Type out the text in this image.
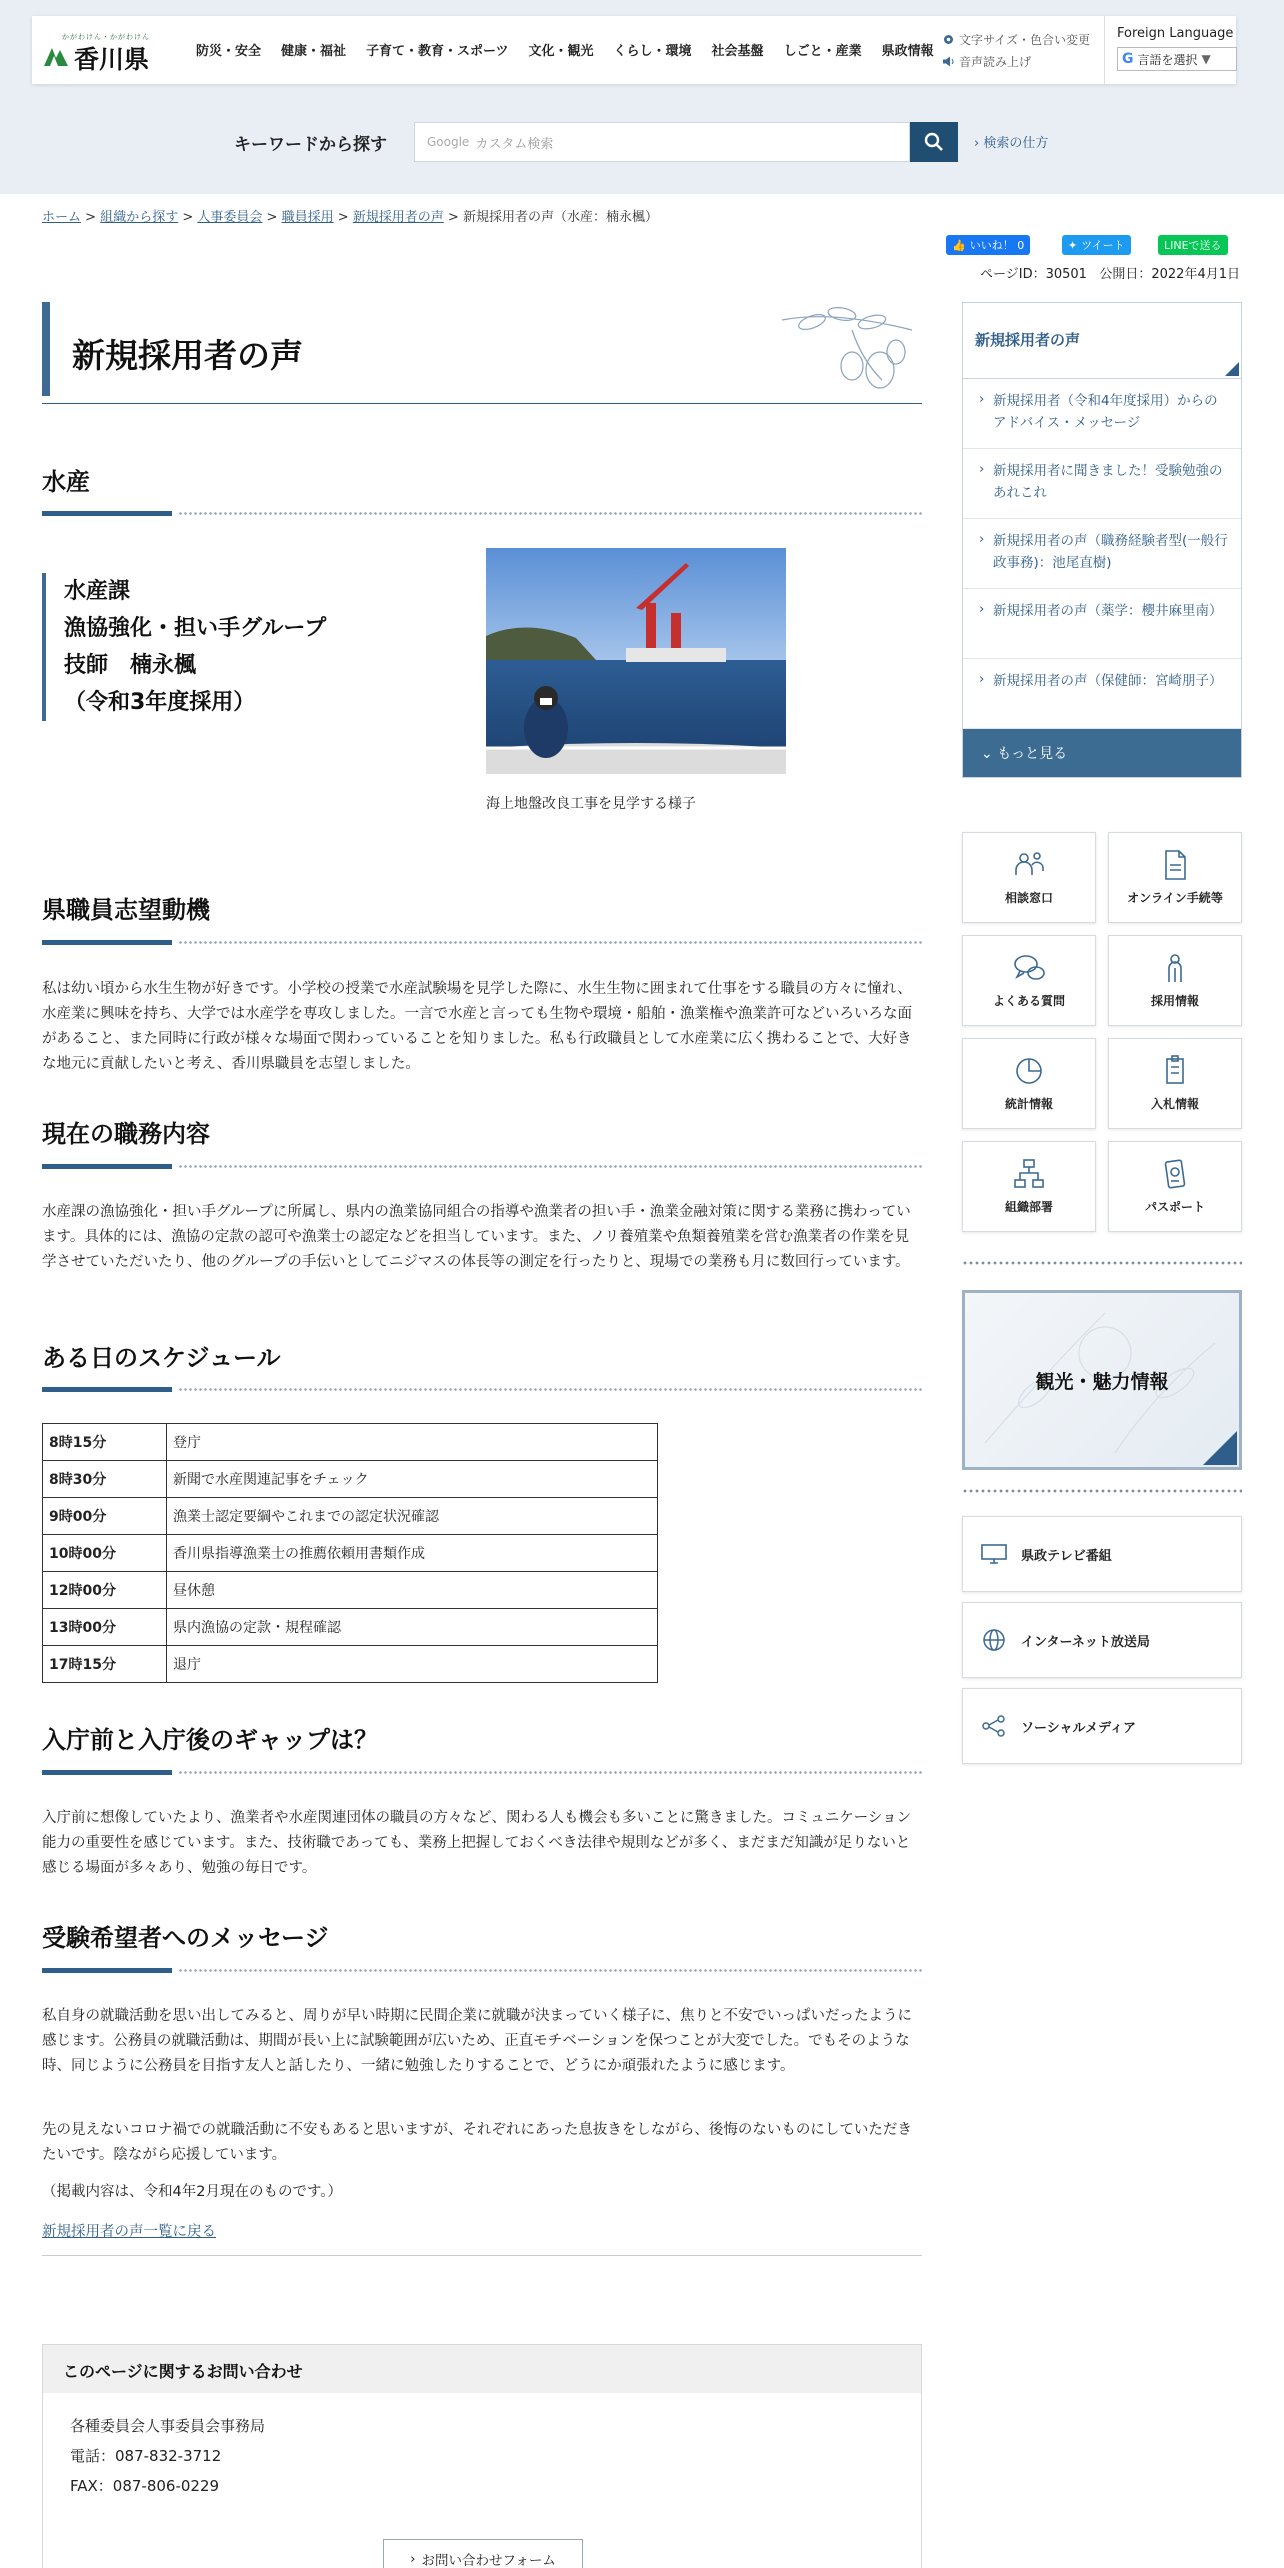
かがわけん・かがわけん
香川県	防災・安全	健康・福祉	子育て・教育・スポーツ	文化・観光	くらし・環境	社会基盤	しごと・産業	県政情報
文字サイズ・色合い変更
音声読み上げ
Foreign Language
G 言語を選択 ▼
キーワードから探す	Google カスタム検索	› 検索の仕方
ホーム > 組織から探す > 人事委員会 > 職員採用 > 新規採用者の声 > 新規採用者の声（水産：楠永楓）
👍 いいね！ 0	✦ ツイート	LINEで送る
ページID：30501 公開日：2022年4月1日
新規採用者の声
水産
水産課
漁協強化・担い手グループ
技師　楠永楓
（令和3年度採用）
海上地盤改良工事を見学する様子
県職員志望動機
私は幼い頃から水生生物が好きです。小学校の授業で水産試験場を見学した際に、水生生物に囲まれて仕事をする職員の方々に憧れ、水産業に興味を持ち、大学では水産学を専攻しました。一言で水産と言っても生物や環境・船舶・漁業権や漁業許可などいろいろな面があること、また同時に行政が様々な場面で関わっていることを知りました。私も行政職員として水産業に広く携わることで、大好きな地元に貢献したいと考え、香川県職員を志望しました。
現在の職務内容
水産課の漁協強化・担い手グループに所属し、県内の漁業協同組合の指導や漁業者の担い手・漁業金融対策に関する業務に携わっています。具体的には、漁協の定款の認可や漁業士の認定などを担当しています。また、ノリ養殖業や魚類養殖業を営む漁業者の作業を見学させていただいたり、他のグループの手伝いとしてニジマスの体長等の測定を行ったりと、現場での業務も月に数回行っています。
ある日のスケジュール
8時15分	登庁
8時30分	新聞で水産関連記事をチェック
9時00分	漁業士認定要綱やこれまでの認定状況確認
10時00分	香川県指導漁業士の推薦依頼用書類作成
12時00分	昼休憩
13時00分	県内漁協の定款・規程確認
17時15分	退庁
入庁前と入庁後のギャップは？
入庁前に想像していたより、漁業者や水産関連団体の職員の方々など、関わる人も機会も多いことに驚きました。コミュニケーション能力の重要性を感じています。また、技術職であっても、業務上把握しておくべき法律や規則などが多く、まだまだ知識が足りないと感じる場面が多々あり、勉強の毎日です。
受験希望者へのメッセージ
私自身の就職活動を思い出してみると、周りが早い時期に民間企業に就職が決まっていく様子に、焦りと不安でいっぱいだったように感じます。公務員の就職活動は、期間が長い上に試験範囲が広いため、正直モチベーションを保つことが大変でした。でもそのような時、同じように公務員を目指す友人と話したり、一緒に勉強したりすることで、どうにか頑張れたように感じます。
先の見えないコロナ禍での就職活動に不安もあると思いますが、それぞれにあった息抜きをしながら、後悔のないものにしていただきたいです。陰ながら応援しています。
（掲載内容は、令和4年2月現在のものです。）
新規採用者の声一覧に戻る
このページに関するお問い合わせ
各種委員会人事委員会事務局
電話：087-832-3712
FAX：087-806-0229
› お問い合わせフォーム
新規採用者の声
› 新規採用者（令和4年度採用）からのアドバイス・メッセージ
› 新規採用者に聞きました！受験勉強のあれこれ
› 新規採用者の声（職務経験者型(一般行政事務)：池尾直樹)
› 新規採用者の声（薬学：櫻井麻里南）
› 新規採用者の声（保健師：宮崎朋子）
⌄ もっと見る
相談窓口	オンライン手続等
よくある質問	採用情報
統計情報	入札情報
組織部署	パスポート
観光・魅力情報
県政テレビ番組
インターネット放送局
ソーシャルメディア
